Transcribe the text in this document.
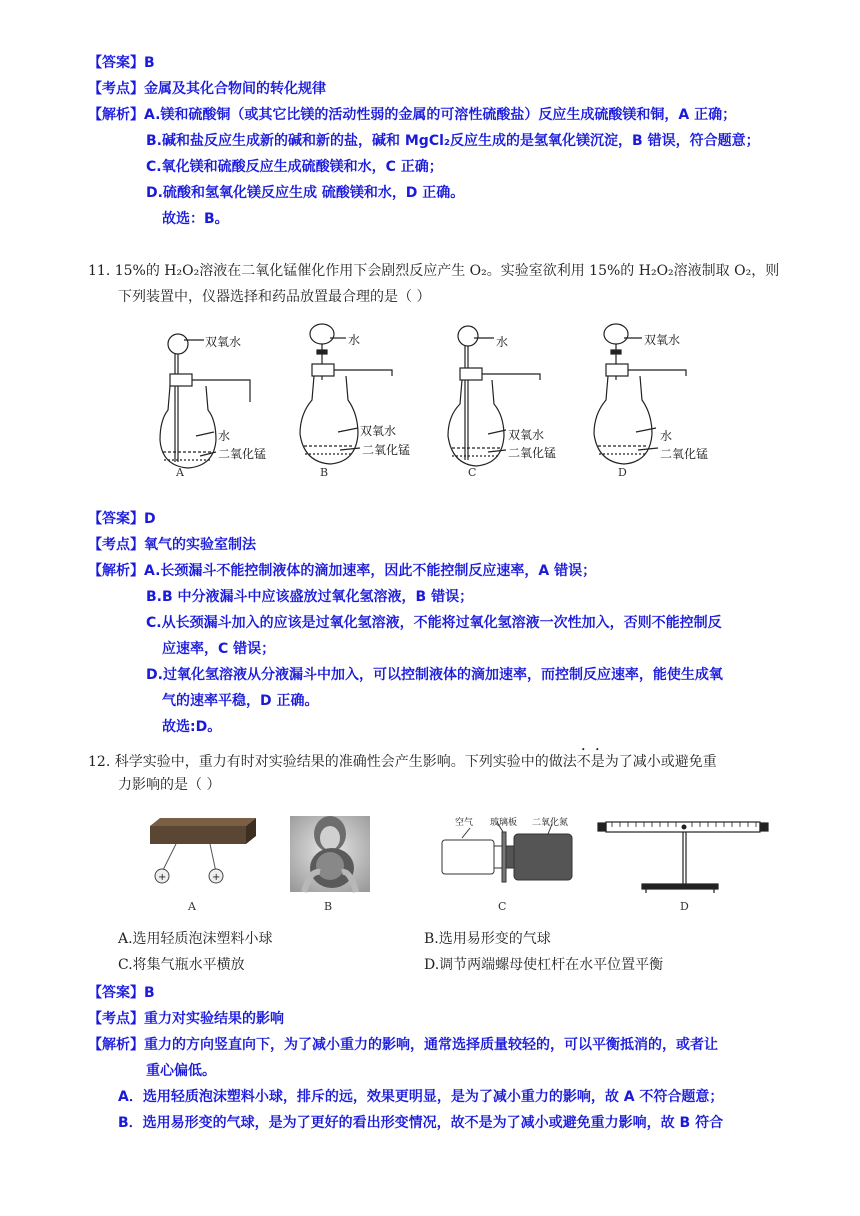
【答案】B
【考点】金属及其化合物间的转化规律
【解析】A.镁和硫酸铜（或其它比镁的活动性弱的金属的可溶性硫酸盐）反应生成硫酸镁和铜，A 正确；
B.碱和盐反应生成新的碱和新的盐，碱和 MgCl₂反应生成的是氢氧化镁沉淀，B 错误，符合题意；
C.氧化镁和硫酸反应生成硫酸镁和水，C 正确；
D.硫酸和氢氧化镁反应生成 硫酸镁和水，D 正确。
故选：B。
11. 15%的 H₂O₂溶液在二氧化锰催化作用下会剧烈反应产生 O₂。实验室欲利用 15%的 H₂O₂溶液制取 O₂，则
下列装置中，仪器选择和药品放置最合理的是（ ）
双氧水
水
二氧化锰
A
水
双氧水
二氧化锰
B
水
双氧水
二氧化锰
C
双氧水
水
二氧化锰
D
【答案】D
【考点】氧气的实验室制法
【解析】A.长颈漏斗不能控制液体的滴加速率，因此不能控制反应速率，A 错误；
B.B 中分液漏斗中应该盛放过氧化氢溶液，B 错误；
C.从长颈漏斗加入的应该是过氧化氢溶液，不能将过氧化氢溶液一次性加入，否则不能控制反
应速率，C 错误；
D.过氧化氢溶液从分液漏斗中加入，可以控制液体的滴加速率，而控制反应速率，能使生成氧
气的速率平稳，D 正确。
故选:D。
12. 科学实验中，重力有时对实验结果的准确性会产生影响。下列实验中的做法不是为了减小或避免重
力影响的是（ ）
+	+
A	B
空气 玻璃板 二氧化氮
C	D
A.选用轻质泡沫塑料小球	B.选用易形变的气球
C.将集气瓶水平横放	D.调节两端螺母使杠杆在水平位置平衡
【答案】B
【考点】重力对实验结果的影响
【解析】重力的方向竖直向下，为了减小重力的影响，通常选择质量较轻的，可以平衡抵消的，或者让
重心偏低。
A．选用轻质泡沫塑料小球，排斥的远，效果更明显，是为了减小重力的影响，故 A 不符合题意；
B．选用易形变的气球，是为了更好的看出形变情况，故不是为了减小或避免重力影响，故 B 符合
